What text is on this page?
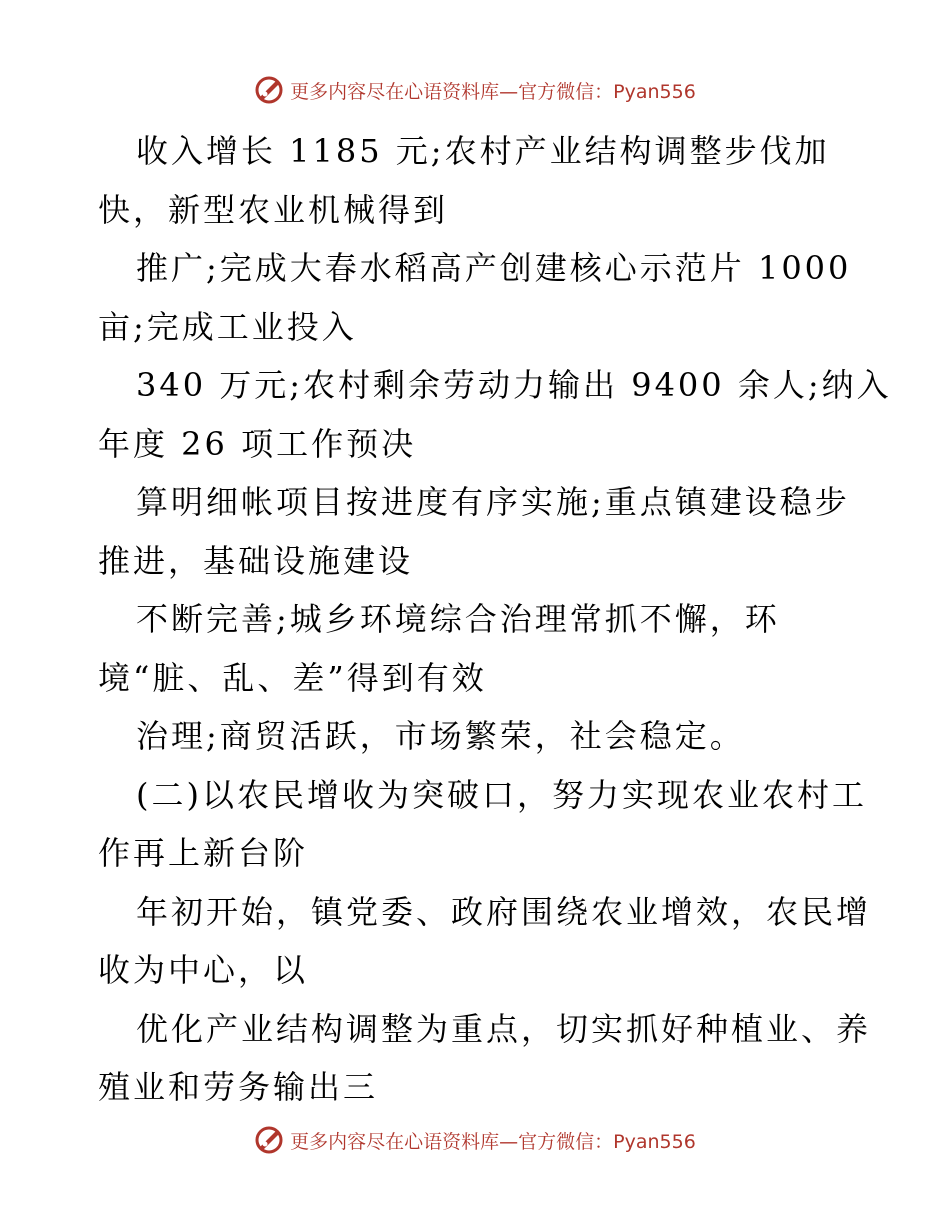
更多内容尽在心语资料库—官方微信：Pyan556
收入增长 1185 元;农村产业结构调整步伐加
快，新型农业机械得到
推广;完成大春水稻高产创建核心示范片 1000
亩;完成工业投入
340 万元;农村剩余劳动力输出 9400 余人;纳入
年度 26 项工作预决
算明细帐项目按进度有序实施;重点镇建设稳步
推进，基础设施建设
不断完善;城乡环境综合治理常抓不懈，环
境“脏、乱、差”得到有效
治理;商贸活跃，市场繁荣，社会稳定。
(二)以农民增收为突破口，努力实现农业农村工
作再上新台阶
年初开始，镇党委、政府围绕农业增效，农民增
收为中心，以
优化产业结构调整为重点，切实抓好种植业、养
殖业和劳务输出三
更多内容尽在心语资料库—官方微信：Pyan556
